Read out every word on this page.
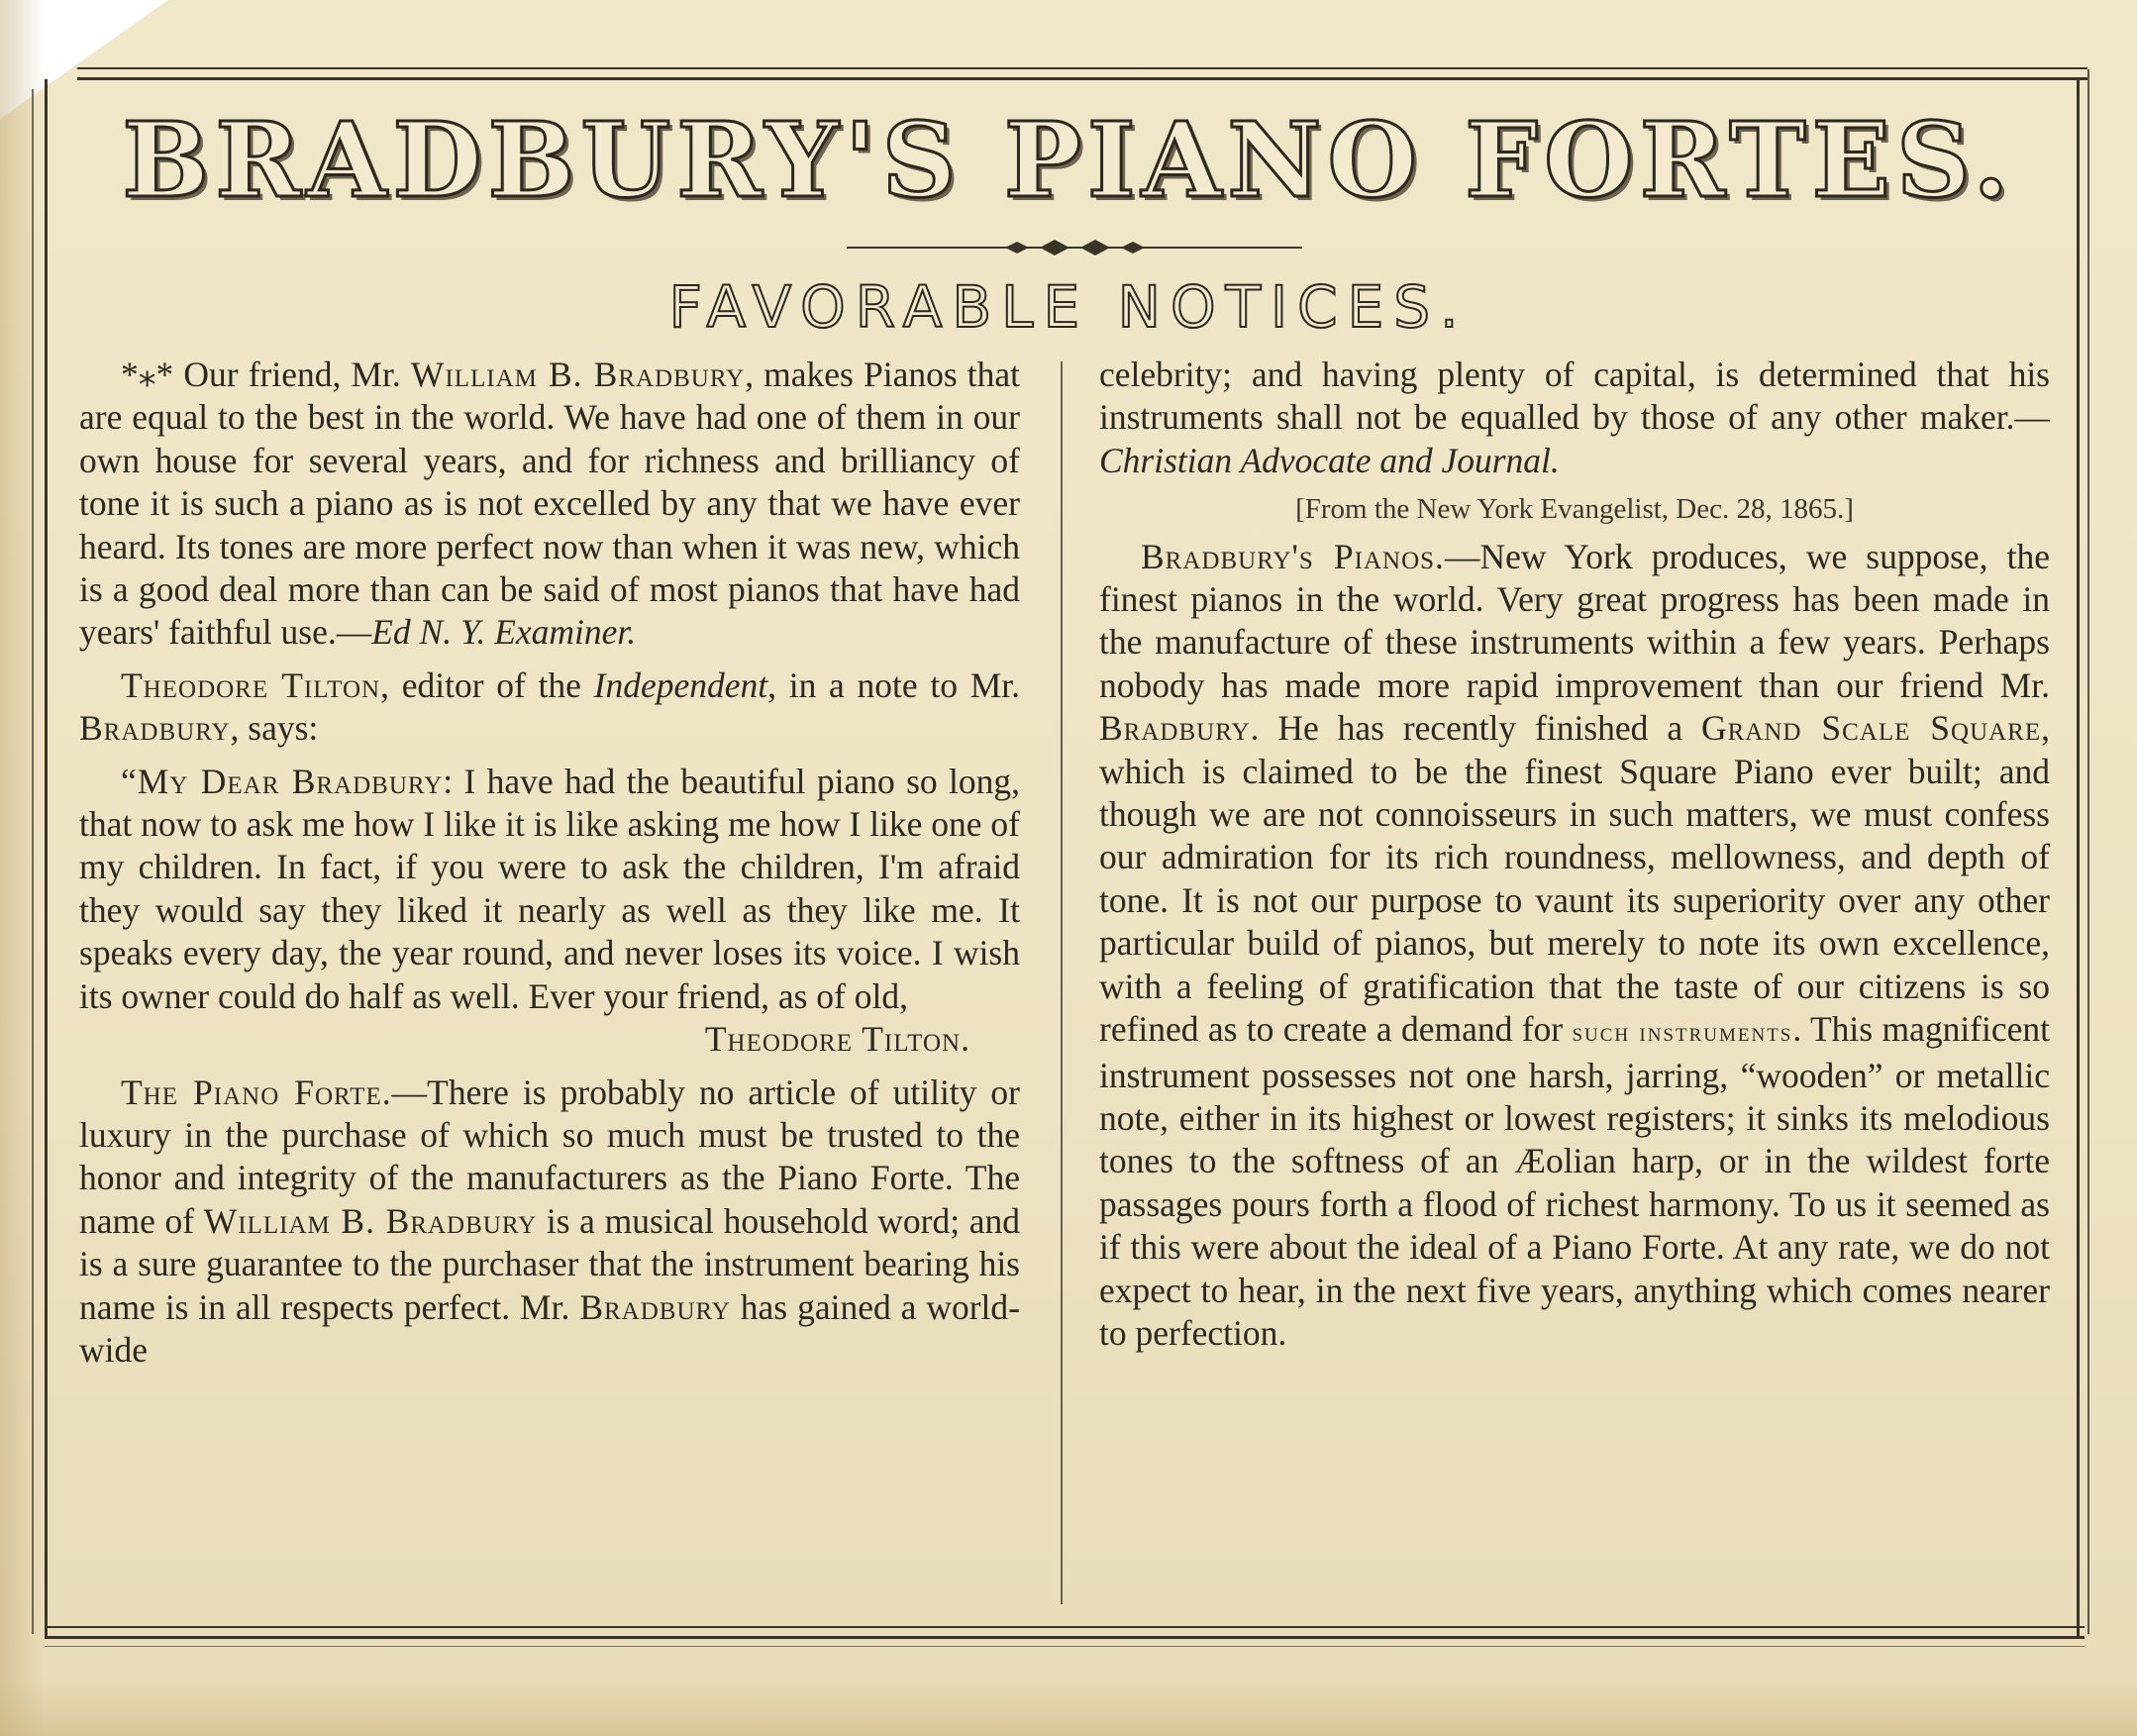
BRADBURY'S PIANO FORTES.
FAVORABLE NOTICES.

*⁎* Our friend, Mr. William B. Bradbury, makes Pianos that are equal to the best in the world. We have had one of them in our own house for several years, and for richness and brilliancy of tone it is such a piano as is not excelled by any that we have ever heard. Its tones are more perfect now than when it was new, which is a good deal more than can be said of most pianos that have had years' faithful use.—Ed N. Y. Examiner.

Theodore Tilton, editor of the Independent, in a note to Mr. Bradbury, says:

“My Dear Bradbury: I have had the beautiful piano so long, that now to ask me how I like it is like asking me how I like one of my children. In fact, if you were to ask the children, I'm afraid they would say they liked it nearly as well as they like me. It speaks every day, the year round, and never loses its voice. I wish its owner could do half as well. Ever your friend, as of old,

Theodore Tilton.

The Piano Forte.—There is probably no article of utility or luxury in the purchase of which so much must be trusted to the honor and integrity of the manufacturers as the Piano Forte. The name of William B. Bradbury is a musical household word; and is a sure guarantee to the purchaser that the instrument bearing his name is in all respects perfect. Mr. Bradbury has gained a world-wide

celebrity; and having plenty of capital, is determined that his instruments shall not be equalled by those of any other maker.—Christian Advocate and Journal.

[From the New York Evangelist, Dec. 28, 1865.]

Bradbury's Pianos.—New York produces, we suppose, the finest pianos in the world. Very great progress has been made in the manufacture of these instruments within a few years. Perhaps nobody has made more rapid improvement than our friend Mr. Bradbury. He has recently finished a Grand Scale Square, which is claimed to be the finest Square Piano ever built; and though we are not connoisseurs in such matters, we must confess our admiration for its rich roundness, mellowness, and depth of tone. It is not our purpose to vaunt its superiority over any other particular build of pianos, but merely to note its own excellence, with a feeling of gratification that the taste of our citizens is so refined as to create a demand for such instruments. This magnificent instrument possesses not one harsh, jarring, “wooden” or metallic note, either in its highest or lowest registers; it sinks its melodious tones to the softness of an Æolian harp, or in the wildest forte passages pours forth a flood of richest harmony. To us it seemed as if this were about the ideal of a Piano Forte. At any rate, we do not expect to hear, in the next five years, anything which comes nearer to perfection.
